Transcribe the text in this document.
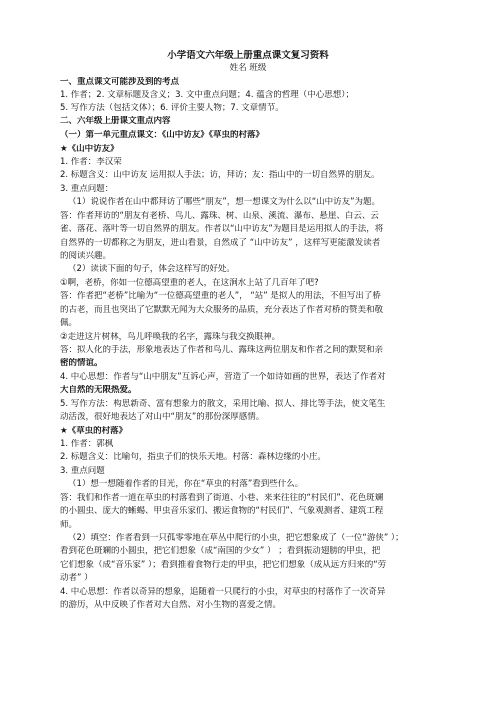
小学语文六年级上册重点课文复习资料
姓名 班级
一、重点课文可能涉及到的考点
1. 作者；2. 文章标题及含义；3. 文中重点问题；4. 蕴含的哲理（中心思想）；
5. 写作方法（包括文体）；6. 评价主要人物；7. 文章情节。
二、六年级上册课文重点内容
（一）第一单元重点课文：《山中访友》《草虫的村落》
★《山中访友》
1. 作者：李汉荣
2. 标题含义：山中访友 运用拟人手法；访，拜访；友：指山中的一切自然界的朋友。
3. 重点问题：
（1）说说作者在山中都拜访了哪些“朋友”，想一想课文为什么以“山中访友”为题。
答：作者拜访的“朋友有老桥、鸟儿、露珠、树、山泉、溪流、瀑布、悬崖、白云、云
雀、落花、落叶等一切自然界的朋友。作者以“山中访友”为题目是运用拟人的手法，将
自然界的一切都称之为朋友，进山看景，自然成了 “山中访友” ，这样写更能激发读者
的阅读兴趣。
（2）读读下面的句子，体会这样写的好处。
①啊，老桥，你如一位德高望重的老人，在这涧水上站了几百年了吧?
答：作者把“老桥”比喻为“一位德高望重的老人”， “站” 是拟人的用法，不但写出了桥
的古老，而且也突出了它默默无闻为大众服务的品质，充分表达了作者对桥的赞美和敬
佩。
②走进这片树林，鸟儿呼唤我的名字，露珠与我交换眼神。
答：拟人化的手法，形象地表达了作者和鸟儿、露珠这两位朋友和作者之间的默契和亲
密的情谊。
4. 中心思想：作者与“山中朋友”互诉心声，营造了一个如诗如画的世界，表达了作者对
大自然的无限热爱。
5. 写作方法：构思新奇、富有想象力的散文，采用比喻、拟人、排比等手法，使文笔生
动活泼，很好地表达了对山中“朋友”的那份深厚感情。
★《草虫的村落》
1. 作者：郭枫
2. 标题含义：比喻句，指虫子们的快乐天地。村落：森林边缘的小庄。
3. 重点问题
（1）想一想随着作者的目光，你在“草虫的村落”看到些什么。
答：我们和作者一道在草虫的村落看到了街道、小巷、来来往往的“村民们”、花色斑斓
的小圆虫、庞大的蜥蜴、甲虫音乐家们、搬运食物的“村民们”、气象观测者、建筑工程
师。
（2）填空：作者看到一只孤零零地在草丛中爬行的小虫，把它想象成了（一位“游侠” ）；
看到花色斑斓的小圆虫，把它们想象（成“南国的少女” ） ；看到振动翅膀的甲虫，把
它们想象（成“音乐家” ）；看到推着食物行走的甲虫，把它们想象（成从远方归来的“劳
动者” ）
4. 中心思想：作者以奇异的想象，追随着一只爬行的小虫，对草虫的村落作了一次奇异
的游历，从中反映了作者对大自然、对小生物的喜爱之情。
